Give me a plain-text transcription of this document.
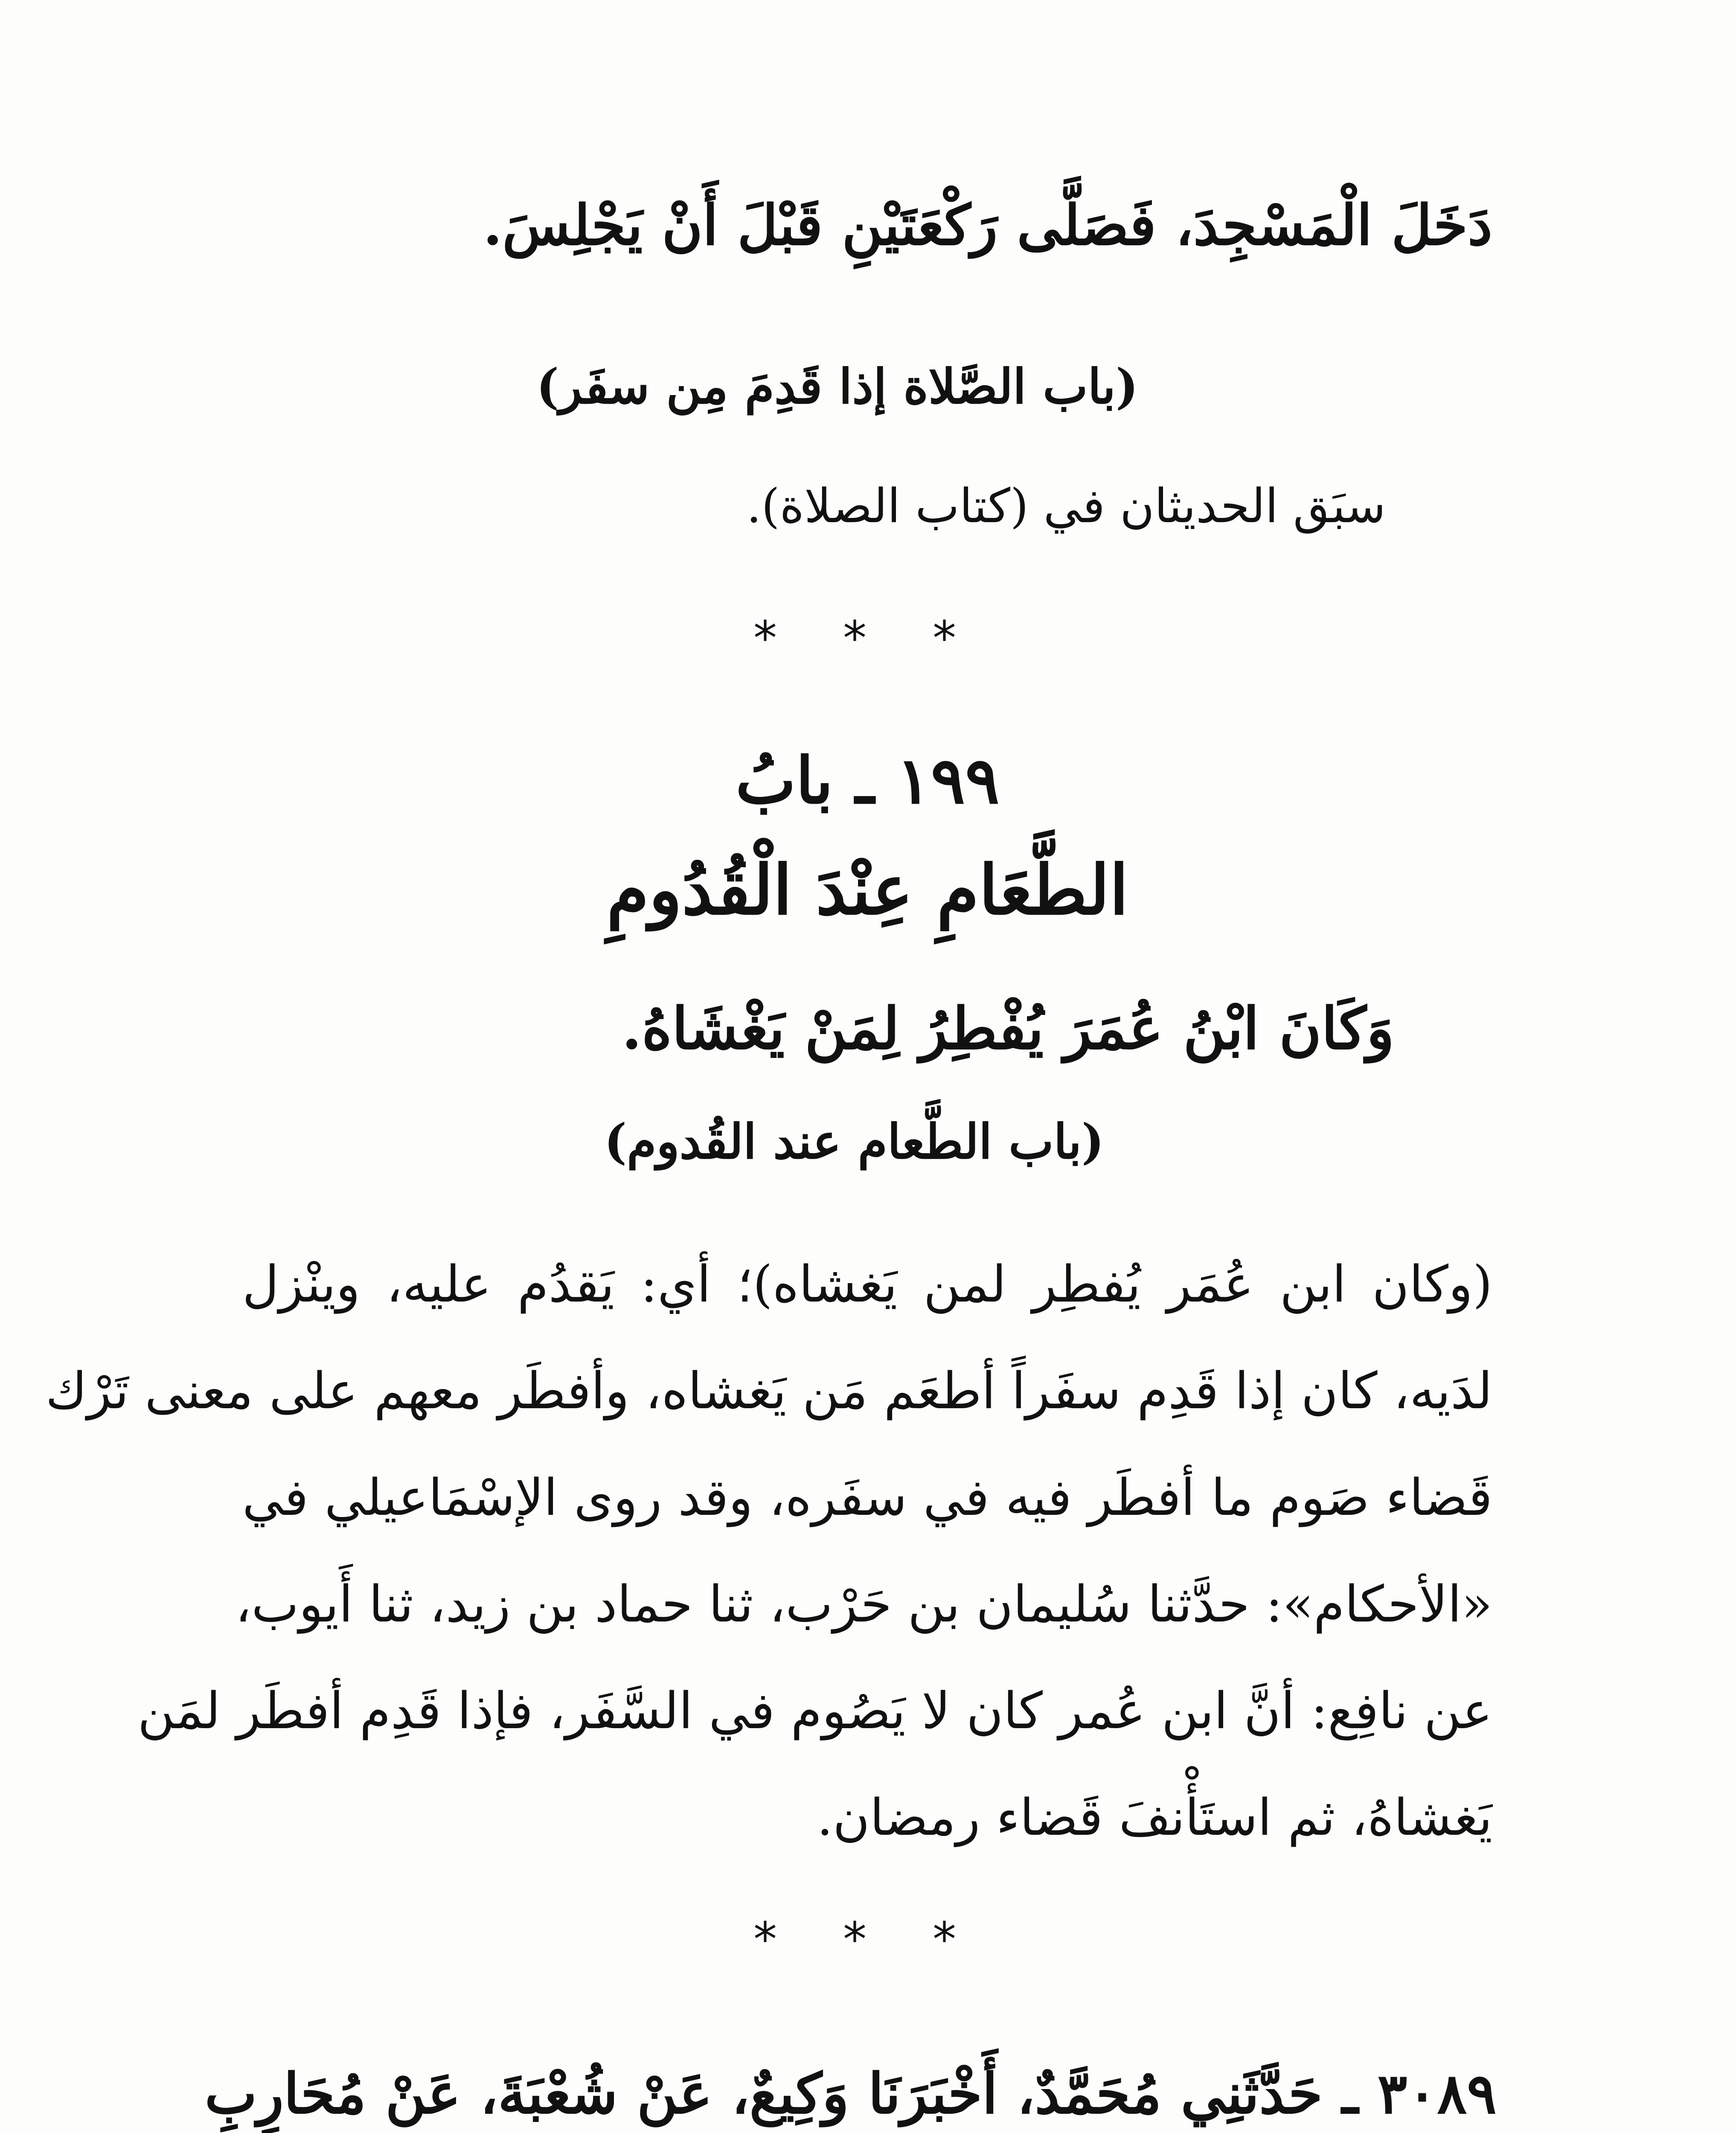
دَخَلَ الْمَسْجِدَ، فَصَلَّى رَكْعَتَيْنِ قَبْلَ أَنْ يَجْلِسَ.
(باب الصَّلاة إذا قَدِمَ مِن سفَر)
سبَق الحديثان في (كتاب الصلاة).
* * *
١٩٩ ـ بابُ
الطَّعَامِ عِنْدَ الْقُدُومِ
وَكَانَ ابْنُ عُمَرَ يُفْطِرُ لِمَنْ يَغْشَاهُ.
(باب الطَّعام عند القُدوم)
(وكان ابن عُمَر يُفطِر لمن يَغشاه)؛ أي: يَقدُم عليه، وينْزل
لدَيه، كان إذا قَدِم سفَراً أطعَم مَن يَغشاه، وأفطَر معهم على معنى تَرْك
قَضاء صَوم ما أفطَر فيه في سفَره، وقد روى الإسْمَاعيلي في
«الأحكام»: حدَّثنا سُليمان بن حَرْب، ثنا حماد بن زيد، ثنا أَيوب،
عن نافِع: أنَّ ابن عُمر كان لا يَصُوم في السَّفَر، فإذا قَدِم أفطَر لمَن
يَغشاهُ، ثم استَأْنفَ قَضاء رمضان.
* * *
٣٠٨٩ ـ حَدَّثَنِي مُحَمَّدٌ، أَخْبَرَنَا وَكِيعٌ، عَنْ شُعْبَةَ، عَنْ مُحَارِبِ
